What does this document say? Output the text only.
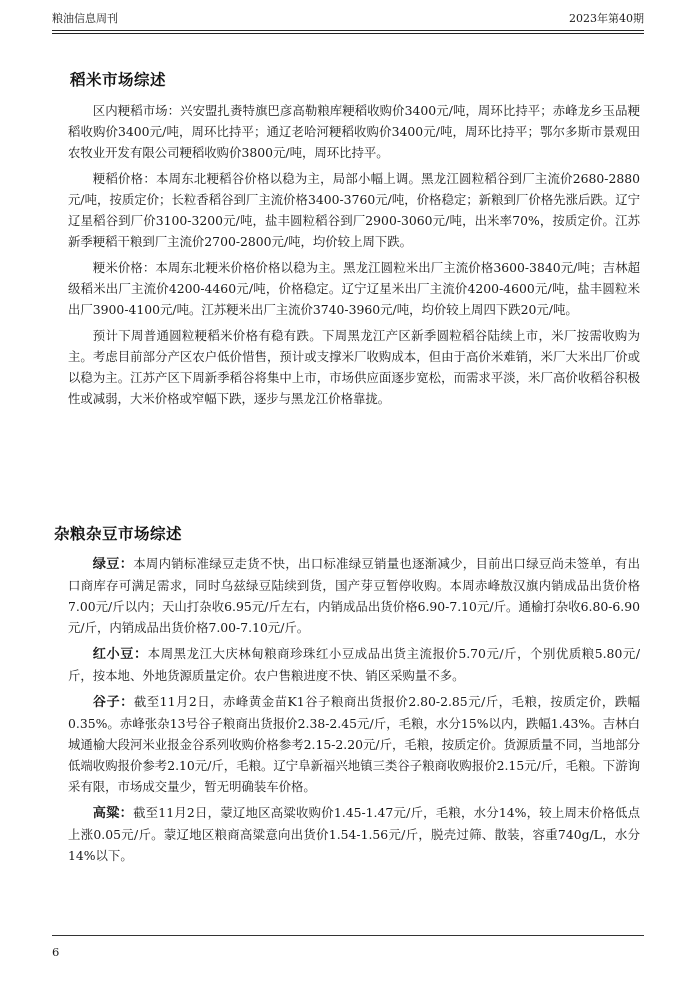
粮油信息周刊	2023年第40期
稻米市场综述

区内粳稻市场：兴安盟扎赉特旗巴彦高勒粮库粳稻收购价3400元/吨，周环比持平；赤峰龙乡玉品粳稻收购价3400元/吨，周环比持平；通辽老哈河粳稻收购价3400元/吨，周环比持平；鄂尔多斯市景观田农牧业开发有限公司粳稻收购价3800元/吨，周环比持平。

粳稻价格：本周东北粳稻谷价格以稳为主，局部小幅上调。黑龙江圆粒稻谷到厂主流价2680-2880元/吨，按质定价；长粒香稻谷到厂主流价格3400-3760元/吨，价格稳定；新粮到厂价格先涨后跌。辽宁辽星稻谷到厂价3100-3200元/吨，盐丰圆粒稻谷到厂2900-3060元/吨，出米率70%，按质定价。江苏新季粳稻干粮到厂主流价2700-2800元/吨，均价较上周下跌。

粳米价格：本周东北粳米价格价格以稳为主。黑龙江圆粒米出厂主流价格3600-3840元/吨；吉林超级稻米出厂主流价4200-4460元/吨，价格稳定。辽宁辽星米出厂主流价4200-4600元/吨，盐丰圆粒米出厂3900-4100元/吨。江苏粳米出厂主流价3740-3960元/吨，均价较上周四下跌20元/吨。

预计下周普通圆粒粳稻米价格有稳有跌。下周黑龙江产区新季圆粒稻谷陆续上市，米厂按需收购为主。考虑目前部分产区农户低价惜售，预计或支撑米厂收购成本，但由于高价米难销，米厂大米出厂价或以稳为主。江苏产区下周新季稻谷将集中上市，市场供应面逐步宽松，而需求平淡，米厂高价收稻谷积极性或减弱，大米价格或窄幅下跌，逐步与黑龙江价格靠拢。

杂粮杂豆市场综述

绿豆：本周内销标准绿豆走货不快，出口标准绿豆销量也逐渐减少，目前出口绿豆尚未签单，有出口商库存可满足需求，同时乌兹绿豆陆续到货，国产芽豆暂停收购。本周赤峰敖汉旗内销成品出货价格7.00元/斤以内；天山打杂收6.95元/斤左右，内销成品出货价格6.90-7.10元/斤。通榆打杂收6.80-6.90元/斤，内销成品出货价格7.00-7.10元/斤。

红小豆：本周黑龙江大庆林甸粮商珍珠红小豆成品出货主流报价5.70元/斤，个别优质粮5.80元/斤，按本地、外地货源质量定价。农户售粮进度不快、销区采购量不多。

谷子：截至11月2日，赤峰黄金苗K1谷子粮商出货报价2.80-2.85元/斤，毛粮，按质定价，跌幅0.35%。赤峰张杂13号谷子粮商出货报价2.38-2.45元/斤，毛粮，水分15%以内，跌幅1.43%。吉林白城通榆大段河米业报金谷系列收购价格参考2.15-2.20元/斤，毛粮，按质定价。货源质量不同，当地部分低端收购报价参考2.10元/斤，毛粮。辽宁阜新福兴地镇三类谷子粮商收购报价2.15元/斤，毛粮。下游询采有限，市场成交量少，暂无明确装车价格。

高粱：截至11月2日，蒙辽地区高粱收购价1.45-1.47元/斤，毛粮，水分14%，较上周末价格低点上涨0.05元/斤。蒙辽地区粮商高粱意向出货价1.54-1.56元/斤，脱壳过筛、散装，容重740g/L，水分14%以下。

6
